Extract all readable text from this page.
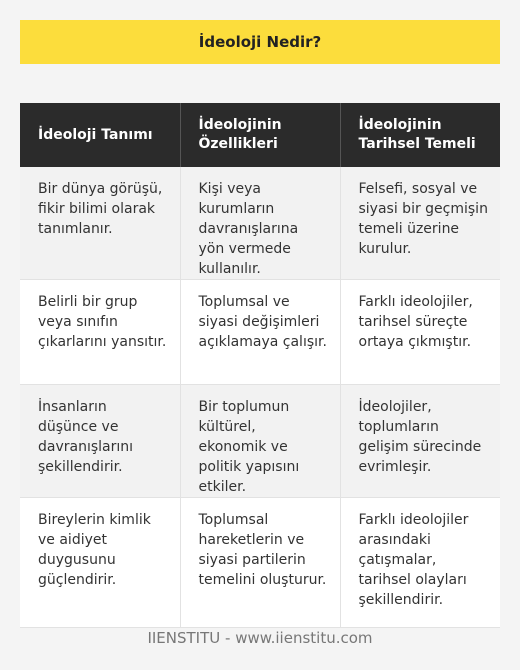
İdeoloji Nedir?
İdeoloji Tanımı	İdeolojinin Özellikleri	İdeolojinin Tarihsel Temeli
Bir dünya görüşü, fikir bilimi olarak tanımlanır.	Kişi veya kurumların davranışlarına yön vermede kullanılır.	Felsefi, sosyal ve siyasi bir geçmişin temeli üzerine kurulur.
Belirli bir grup veya sınıfın çıkarlarını yansıtır.	Toplumsal ve siyasi değişimleri açıklamaya çalışır.	Farklı ideolojiler, tarihsel süreçte ortaya çıkmıştır.
İnsanların düşünce ve davranışlarını şekillendirir.	Bir toplumun kültürel, ekonomik ve politik yapısını etkiler.	İdeolojiler, toplumların gelişim sürecinde evrimleşir.
Bireylerin kimlik ve aidiyet duygusunu güçlendirir.	Toplumsal hareketlerin ve siyasi partilerin temelini oluşturur.	Farklı ideolojiler arasındaki çatışmalar, tarihsel olayları şekillendirir.
IIENSTITU - www.iienstitu.com
